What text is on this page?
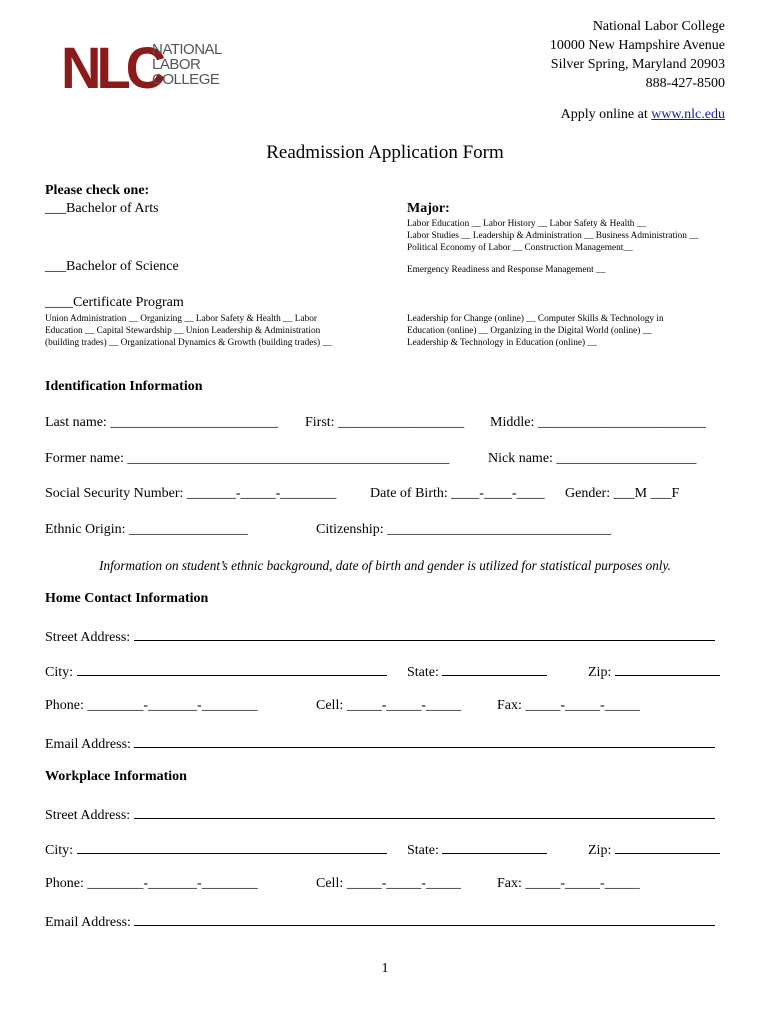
NLC
NATIONAL
LABOR
COLLEGE
National Labor College
10000 New Hampshire Avenue
Silver Spring, Maryland 20903
888-427-8500
Apply online at www.nlc.edu
Readmission Application Form
Please check one:
___Bachelor of Arts	Major:
Labor Education __ Labor History __ Labor Safety & Health __
Labor Studies __ Leadership & Administration __ Business Administration __
Political Economy of Labor __ Construction Management__
___Bachelor of Science	Emergency Readiness and Response Management __
____Certificate Program
Union Administration __ Organizing __ Labor Safety & Health __ Labor
Education __ Capital Stewardship __ Union Leadership & Administration
(building trades) __ Organizational Dynamics & Growth (building trades) __
Leadership for Change (online) __ Computer Skills & Technology in
Education (online) __ Organizing in the Digital World (online) __
Leadership & Technology in Education (online) __
Identification Information
Last name: ________________________ First: __________________ Middle: ________________________
Former name: ______________________________________________	Nick name: ____________________
Social Security Number: _______-_____-________ Date of Birth: ____-____-____ Gender: ___M ___F
Ethnic Origin: _________________	Citizenship: ________________________________
Information on student’s ethnic background, date of birth and gender is utilized for statistical purposes only.
Home Contact Information
Street Address:
City:	State:	Zip:
Phone: ________-_______-________	Cell: _____-_____-_____	Fax: _____-_____-_____
Email Address:
Workplace Information
Street Address:
City:	State:	Zip:
Phone: ________-_______-________	Cell: _____-_____-_____	Fax: _____-_____-_____
Email Address:
1
